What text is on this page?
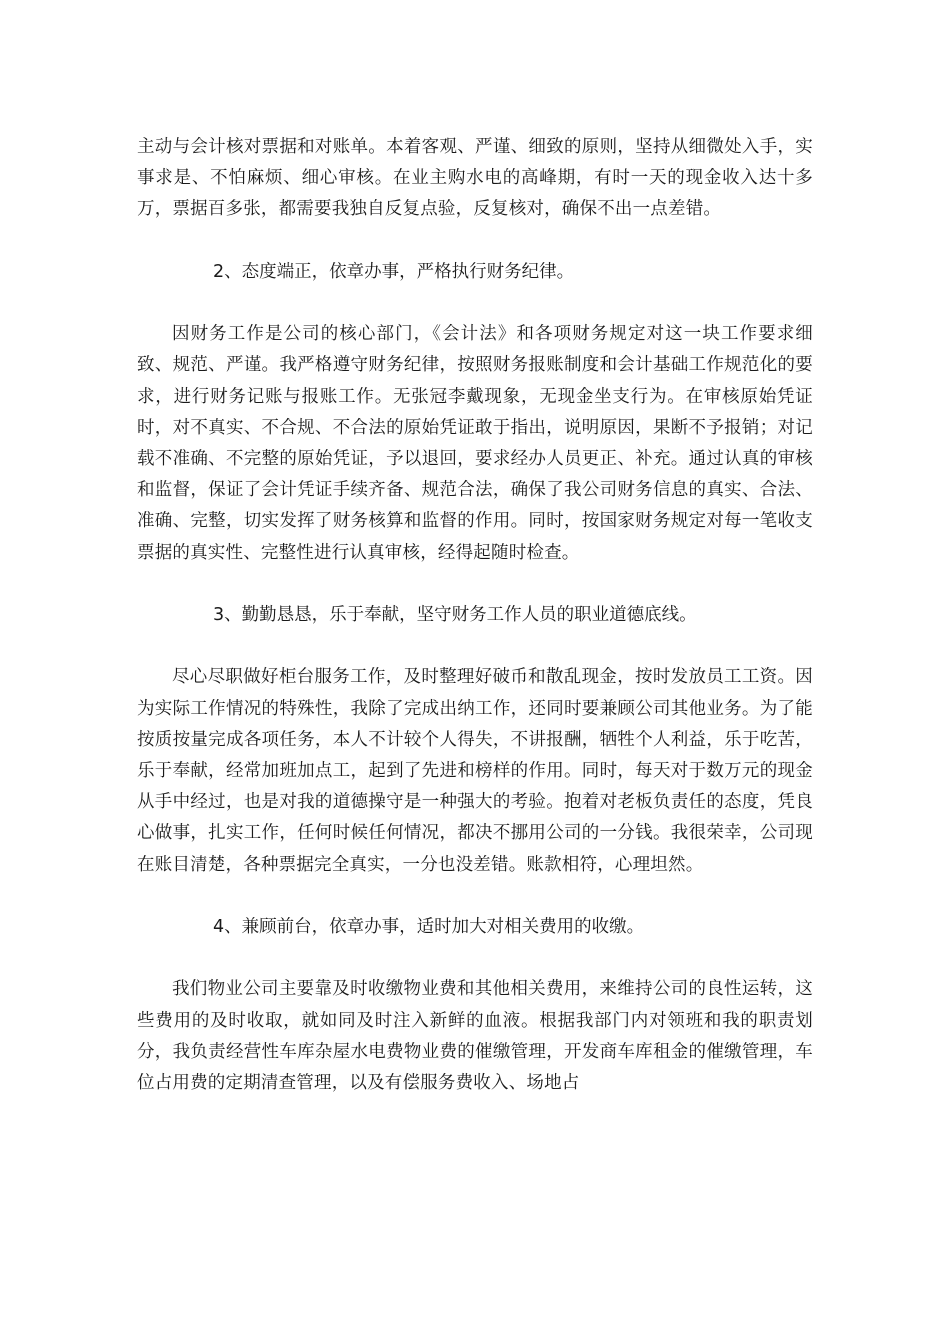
主动与会计核对票据和对账单。本着客观、严谨、细致的原则，坚持从细微处入手，实事求是、不怕麻烦、细心审核。在业主购水电的高峰期，有时一天的现金收入达十多万，票据百多张，都需要我独自反复点验，反复核对，确保不出一点差错。

2、态度端正，依章办事，严格执行财务纪律。

因财务工作是公司的核心部门，《会计法》和各项财务规定对这一块工作要求细致、规范、严谨。我严格遵守财务纪律，按照财务报账制度和会计基础工作规范化的要求，进行财务记账与报账工作。无张冠李戴现象，无现金坐支行为。在审核原始凭证时，对不真实、不合规、不合法的原始凭证敢于指出，说明原因，果断不予报销；对记载不准确、不完整的原始凭证，予以退回，要求经办人员更正、补充。通过认真的审核和监督，保证了会计凭证手续齐备、规范合法，确保了我公司财务信息的真实、合法、准确、完整，切实发挥了财务核算和监督的作用。同时，按国家财务规定对每一笔收支票据的真实性、完整性进行认真审核，经得起随时检查。

3、勤勤恳恳，乐于奉献，坚守财务工作人员的职业道德底线。

尽心尽职做好柜台服务工作，及时整理好破币和散乱现金，按时发放员工工资。因为实际工作情况的特殊性，我除了完成出纳工作，还同时要兼顾公司其他业务。为了能按质按量完成各项任务，本人不计较个人得失，不讲报酬，牺牲个人利益，乐于吃苦，乐于奉献，经常加班加点工，起到了先进和榜样的作用。同时，每天对于数万元的现金从手中经过，也是对我的道德操守是一种强大的考验。抱着对老板负责任的态度，凭良心做事，扎实工作，任何时候任何情况，都决不挪用公司的一分钱。我很荣幸，公司现在账目清楚，各种票据完全真实，一分也没差错。账款相符，心理坦然。

4、兼顾前台，依章办事，适时加大对相关费用的收缴。

我们物业公司主要靠及时收缴物业费和其他相关费用，来维持公司的良性运转，这些费用的及时收取，就如同及时注入新鲜的血液。根据我部门内对领班和我的职责划分，我负责经营性车库杂屋水电费物业费的催缴管理，开发商车库租金的催缴管理，车位占用费的定期清查管理，以及有偿服务费收入、场地占
